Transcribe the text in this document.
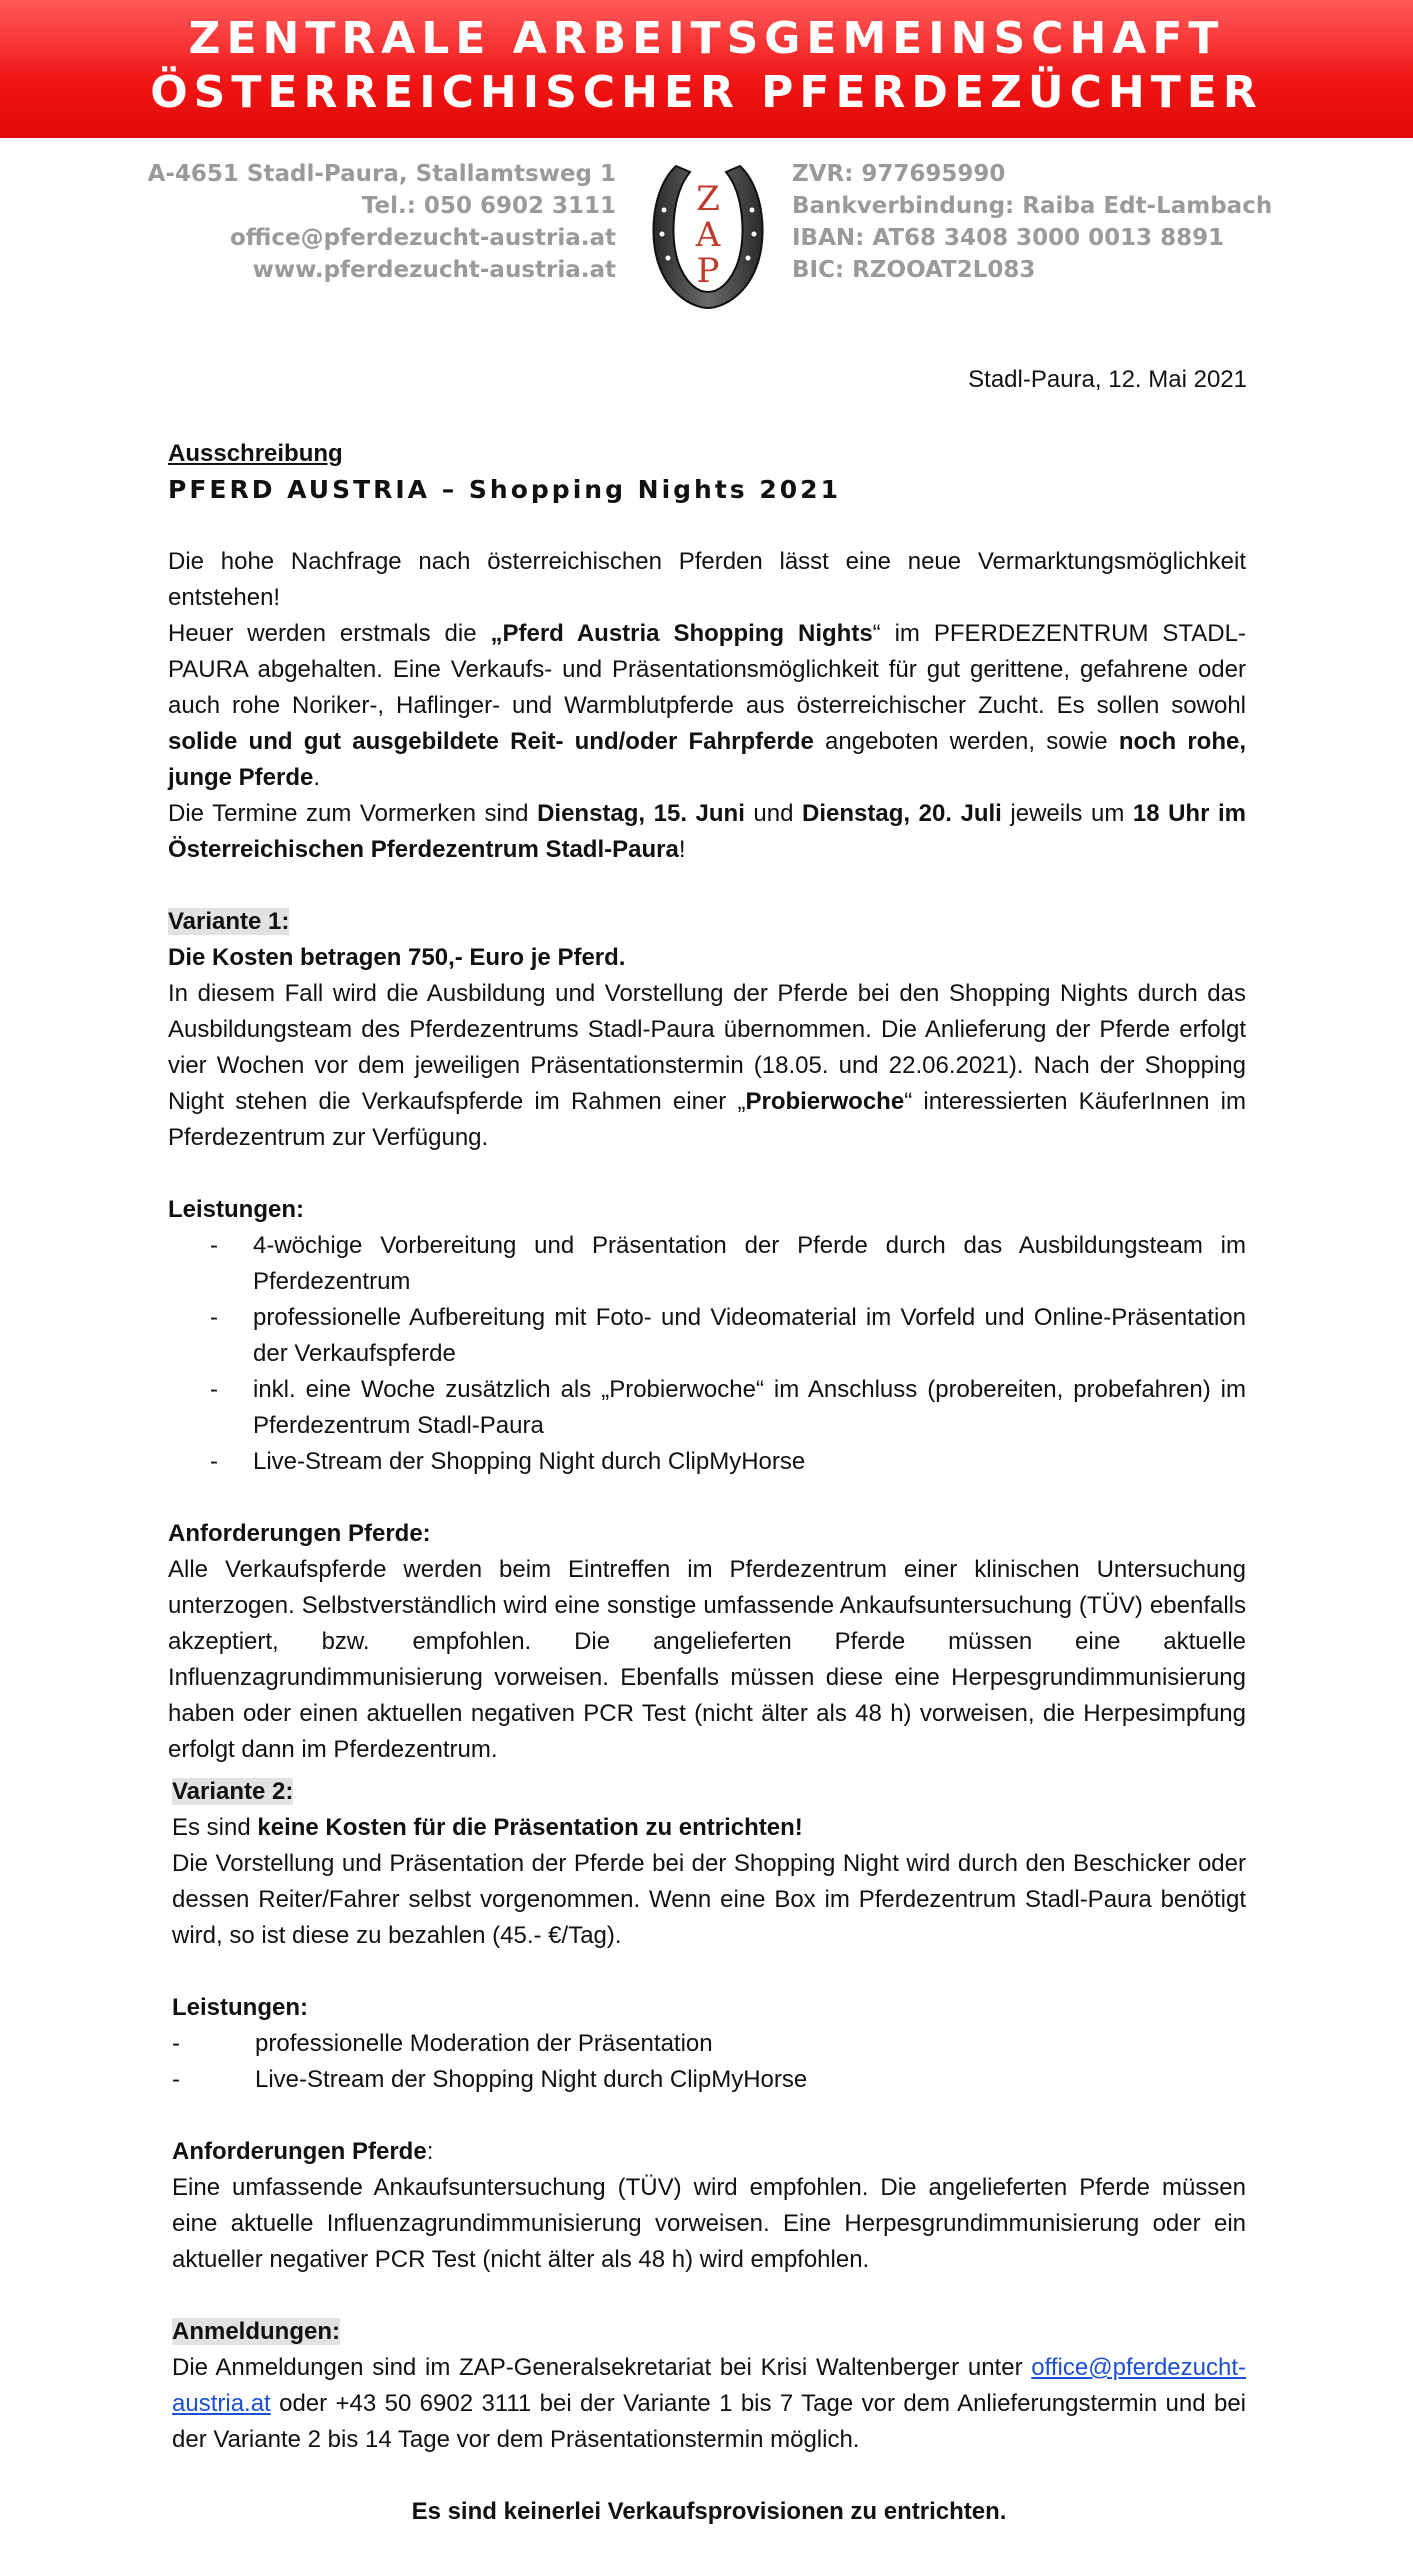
ZENTRALE ARBEITSGEMEINSCHAFT
ÖSTERREICHISCHER PFERDEZÜCHTER
A-4651 Stadl-Paura, Stallamtsweg 1
Tel.: 050 6902 3111
office@pferdezucht-austria.at
www.pferdezucht-austria.at
Z
A
P
ZVR: 977695990
Bankverbindung: Raiba Edt-Lambach
IBAN: AT68 3408 3000 0013 8891
BIC: RZOOAT2L083
Stadl-Paura, 12. Mai 2021

Ausschreibung

PFERD AUSTRIA – Shopping Nights 2021

Die hohe Nachfrage nach österreichischen Pferden lässt eine neue Vermarktungsmöglichkeit entstehen!

Heuer werden erstmals die „Pferd Austria Shopping Nights“ im PFERDEZENTRUM STADL-PAURA abgehalten. Eine Verkaufs- und Präsentationsmöglichkeit für gut gerittene, gefahrene oder auch rohe Noriker-, Haflinger- und Warmblutpferde aus österreichischer Zucht. Es sollen sowohl solide und gut ausgebildete Reit- und/oder Fahrpferde angeboten werden, sowie noch rohe, junge Pferde.

Die Termine zum Vormerken sind Dienstag, 15. Juni und Dienstag, 20. Juli jeweils um 18 Uhr im Österreichischen Pferdezentrum Stadl-Paura!

Variante 1:

Die Kosten betragen 750,- Euro je Pferd.

In diesem Fall wird die Ausbildung und Vorstellung der Pferde bei den Shopping Nights durch das Ausbildungsteam des Pferdezentrums Stadl-Paura übernommen. Die Anlieferung der Pferde erfolgt vier Wochen vor dem jeweiligen Präsentationstermin (18.05. und 22.06.2021). Nach der Shopping Night stehen die Verkaufspferde im Rahmen einer „Probierwoche“ interessierten KäuferInnen im Pferdezentrum zur Verfügung.

Leistungen:

- 4-wöchige Vorbereitung und Präsentation der Pferde durch das Ausbildungsteam im Pferdezentrum
- professionelle Aufbereitung mit Foto- und Videomaterial im Vorfeld und Online-Präsentation der Verkaufspferde
- inkl. eine Woche zusätzlich als „Probierwoche“ im Anschluss (probereiten, probefahren) im Pferdezentrum Stadl-Paura
- Live-Stream der Shopping Night durch ClipMyHorse

Anforderungen Pferde:

Alle Verkaufspferde werden beim Eintreffen im Pferdezentrum einer klinischen Untersuchung unterzogen. Selbstverständlich wird eine sonstige umfassende Ankaufsuntersuchung (TÜV) ebenfalls akzeptiert, bzw. empfohlen. Die angelieferten Pferde müssen eine aktuelle Influenzagrundimmunisierung vorweisen. Ebenfalls müssen diese eine Herpesgrundimmunisierung haben oder einen aktuellen negativen PCR Test (nicht älter als 48 h) vorweisen, die Herpesimpfung erfolgt dann im Pferdezentrum.

Variante 2:

Es sind keine Kosten für die Präsentation zu entrichten!

Die Vorstellung und Präsentation der Pferde bei der Shopping Night wird durch den Beschicker oder dessen Reiter/Fahrer selbst vorgenommen. Wenn eine Box im Pferdezentrum Stadl-Paura benötigt wird, so ist diese zu bezahlen (45.- €/Tag).

Leistungen:

-	professionelle Moderation der Präsentation
-	Live-Stream der Shopping Night durch ClipMyHorse

Anforderungen Pferde:

Eine umfassende Ankaufsuntersuchung (TÜV) wird empfohlen. Die angelieferten Pferde müssen eine aktuelle Influenzagrundimmunisierung vorweisen. Eine Herpesgrundimmunisierung oder ein aktueller negativer PCR Test (nicht älter als 48 h) wird empfohlen.

Anmeldungen:

Die Anmeldungen sind im ZAP-Generalsekretariat bei Krisi Waltenberger unter office@pferdezucht-austria.at oder +43 50 6902 3111 bei der Variante 1 bis 7 Tage vor dem Anlieferungstermin und bei der Variante 2 bis 14 Tage vor dem Präsentationstermin möglich.

Es sind keinerlei Verkaufsprovisionen zu entrichten.
